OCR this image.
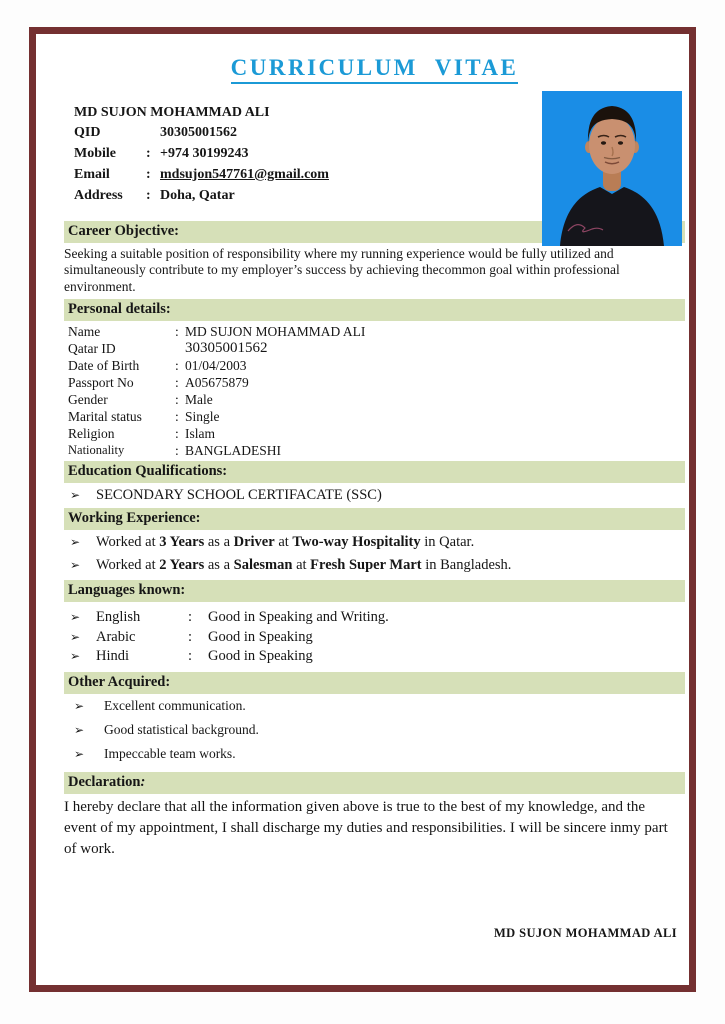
CURRICULUM VITAE
MD SUJON MOHAMMAD ALI
QID	30305001562
Mobile	: +974 30199243
Email	: mdsujon547761@gmail.com
Address	: Doha, Qatar
Career Objective:
Seeking a suitable position of responsibility where my running experience would be fully utilized and simultaneously contribute to my employer’s success by achieving thecommon goal within professional environment.
Personal details:
Name	: MD SUJON MOHAMMAD ALI
Qatar ID	30305001562
Date of Birth	: 01/04/2003
Passport No	: A05675879
Gender	: Male
Marital status	: Single
Religion	: Islam
Nationality	: BANGLADESHI
Education Qualifications:
➢	SECONDARY SCHOOL CERTIFACATE (SSC)
Working Experience:
➢	Worked at 3 Years as a Driver at Two-way Hospitality in Qatar.
➢	Worked at 2 Years as a Salesman at Fresh Super Mart in Bangladesh.
Languages known:
➢	English	:	Good in Speaking and Writing.
➢	Arabic	:	Good in Speaking
➢	Hindi	:	Good in Speaking
Other Acquired:
➢	Excellent communication.
➢	Good statistical background.
➢	Impeccable team works.
Declaration:
I hereby declare that all the information given above is true to the best of my knowledge, and the event of my appointment, I shall discharge my duties and responsibilities. I will be sincere inmy part of work.
MD SUJON MOHAMMAD ALI
